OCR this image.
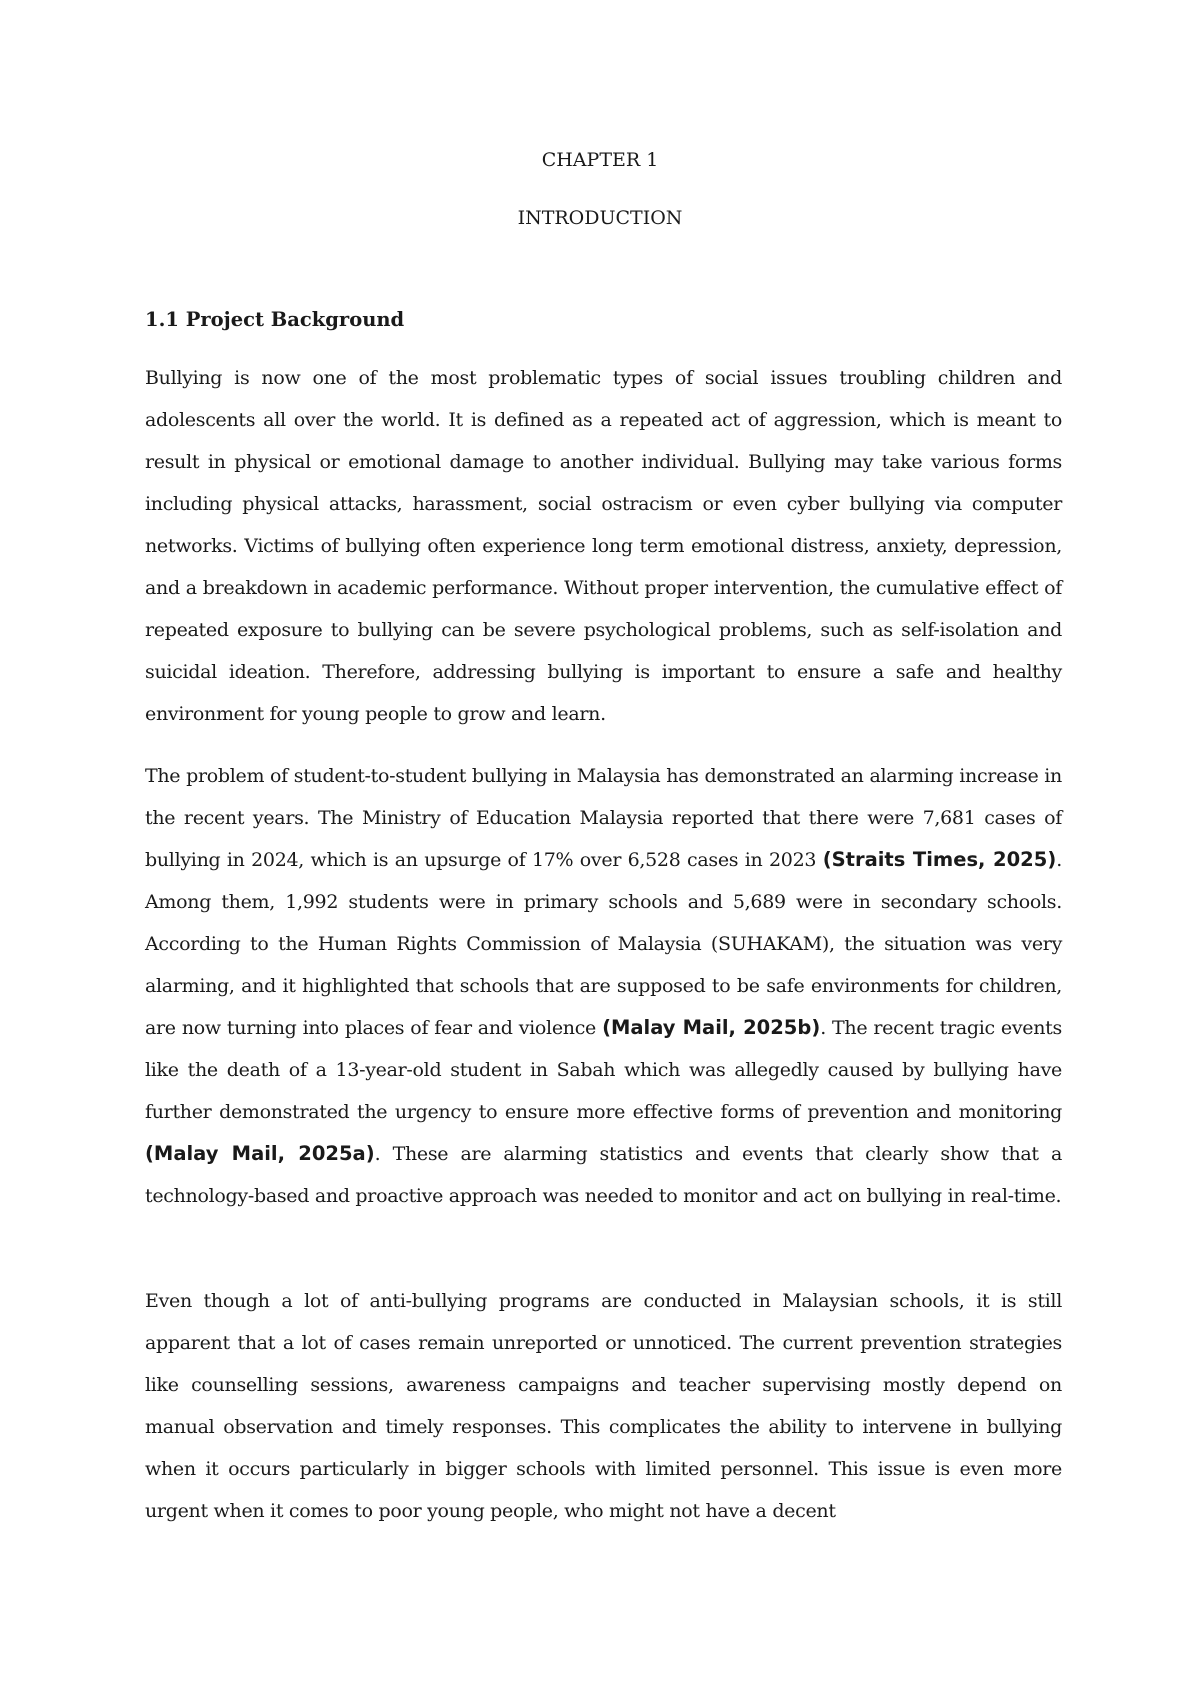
CHAPTER 1
INTRODUCTION
1.1 Project Background

Bullying is now one of the most problematic types of social issues troubling children and adolescents all over the world. It is defined as a repeated act of aggression, which is meant to result in physical or emotional damage to another individual. Bullying may take various forms including physical attacks, harassment, social ostracism or even cyber bullying via computer networks. Victims of bullying often experience long term emotional distress, anxiety, depression, and a breakdown in academic performance. Without proper intervention, the cumulative effect of repeated exposure to bullying can be severe psychological problems, such as self-isolation and suicidal ideation. Therefore, addressing bullying is important to ensure a safe and healthy environment for young people to grow and learn.

The problem of student-to-student bullying in Malaysia has demonstrated an alarming increase in the recent years. The Ministry of Education Malaysia reported that there were 7,681 cases of bullying in 2024, which is an upsurge of 17% over 6,528 cases in 2023 (Straits Times, 2025). Among them, 1,992 students were in primary schools and 5,689 were in secondary schools. According to the Human Rights Commission of Malaysia (SUHAKAM), the situation was very alarming, and it highlighted that schools that are supposed to be safe environments for children, are now turning into places of fear and violence (Malay Mail, 2025b). The recent tragic events like the death of a 13-year-old student in Sabah which was allegedly caused by bullying have further demonstrated the urgency to ensure more effective forms of prevention and monitoring (Malay Mail, 2025a). These are alarming statistics and events that clearly show that a technology-based and proactive approach was needed to monitor and act on bullying in real-time.

Even though a lot of anti-bullying programs are conducted in Malaysian schools, it is still apparent that a lot of cases remain unreported or unnoticed. The current prevention strategies like counselling sessions, awareness campaigns and teacher supervising mostly depend on manual observation and timely responses. This complicates the ability to intervene in bullying when it occurs particularly in bigger schools with limited personnel. This issue is even more urgent when it comes to poor young people, who might not have a decent
